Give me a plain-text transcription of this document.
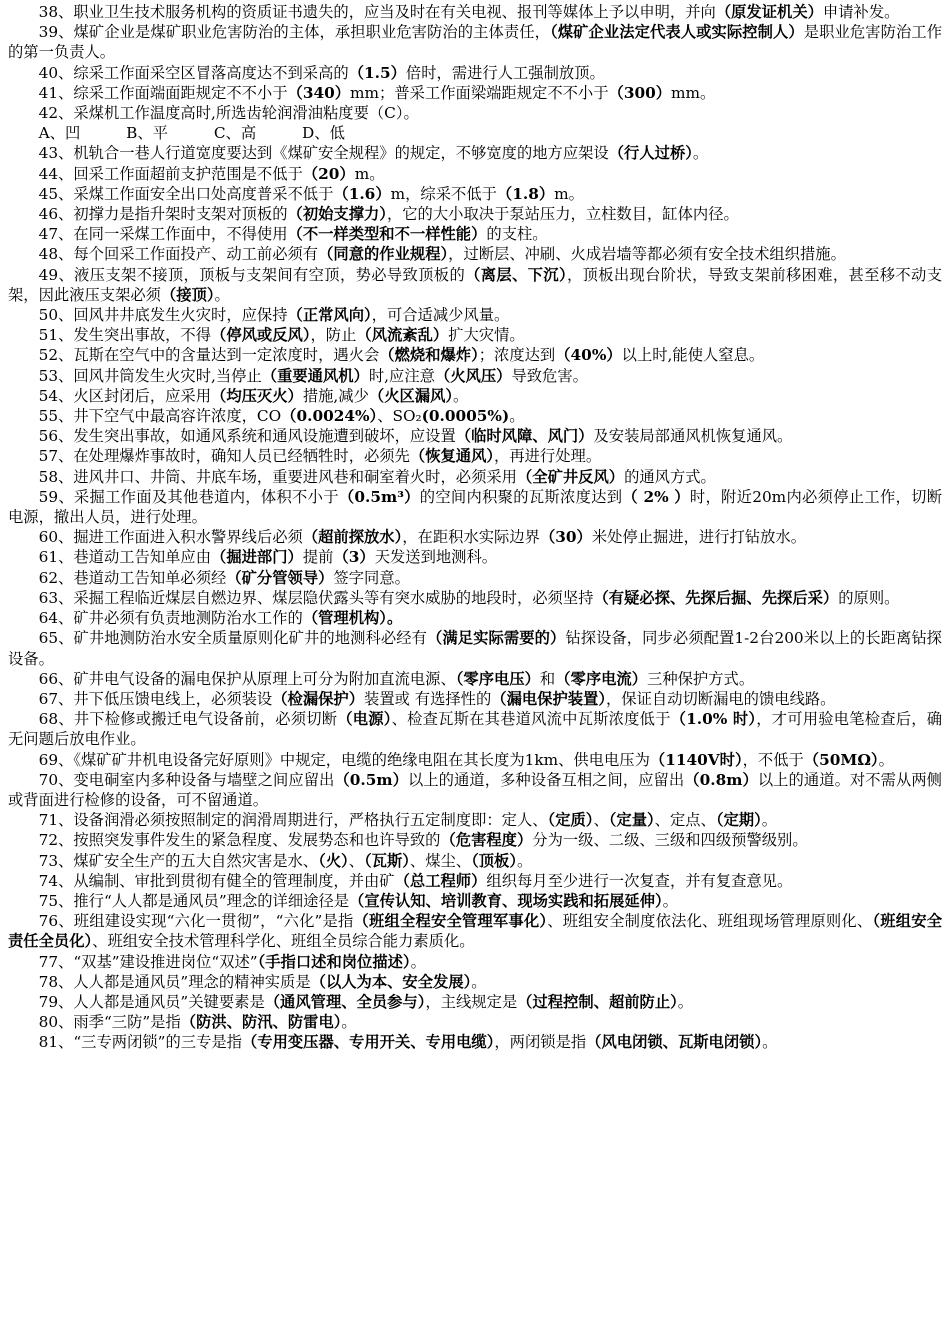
38、职业卫生技术服务机构的资质证书遗失的，应当及时在有关电视、报刊等媒体上予以申明，并向（原发证机关）申请补发。

39、煤矿企业是煤矿职业危害防治的主体，承担职业危害防治的主体责任，（煤矿企业法定代表人或实际控制人）是职业危害防治工作的第一负责人。

40、综采工作面采空区冒落高度达不到采高的（1.5）倍时，需进行人工强制放顶。

41、综采工作面端面距规定不不小于（340）mm；普采工作面梁端距规定不不小于（300）mm。

42、采煤机工作温度高时,所选齿轮润滑油粘度要（C）。

A、凹　　　B、平　　　C、高　　　D、低

43、机轨合一巷人行道宽度要达到《煤矿安全规程》的规定，不够宽度的地方应架设（行人过桥）。

44、回采工作面超前支护范围是不低于（20）m。

45、采煤工作面安全出口处高度普采不低于（1.6）m，综采不低于（1.8）m。

46、初撑力是指升架时支架对顶板的（初始支撑力），它的大小取决于泵站压力，立柱数目，缸体内径。

47、在同一采煤工作面中，不得使用（不一样类型和不一样性能）的支柱。

48、每个回采工作面投产、动工前必须有（同意的作业规程），过断层、冲刷、火成岩墙等都必须有安全技术组织措施。

49、液压支架不接顶，顶板与支架间有空顶，势必导致顶板的（离层、下沉），顶板出现台阶状，导致支架前移困难，甚至移不动支架，因此液压支架必须（接顶）。

50、回风井井底发生火灾时，应保持（正常风向），可合适减少风量。

51、发生突出事故，不得（停风或反风），防止（风流紊乱）扩大灾情。

52、瓦斯在空气中的含量达到一定浓度时，遇火会（燃烧和爆炸）；浓度达到（40%）以上时,能使人窒息。

53、回风井筒发生火灾时,当停止（重要通风机）时,应注意（火风压）导致危害。

54、火区封闭后，应采用（均压灭火）措施,减少（火区漏风）。

55、井下空气中最高容许浓度，CO（0.0024%）、SO₂(0.0005%)。

56、发生突出事故，如通风系统和通风设施遭到破坏，应设置（临时风障、风门）及安装局部通风机恢复通风。

57、在处理爆炸事故时，确知人员已经牺牲时，必须先（恢复通风），再进行处理。

58、进风井口、井筒、井底车场，重要进风巷和硐室着火时，必须采用（全矿井反风）的通风方式。

59、采掘工作面及其他巷道内，体积不小于（0.5m³）的空间内积聚的瓦斯浓度达到（ 2% ）时，附近20m内必须停止工作，切断电源，撤出人员，进行处理。

60、掘进工作面进入积水警界线后必须（超前探放水），在距积水实际边界（30）米处停止掘进，进行打钻放水。

61、巷道动工告知单应由（掘进部门）提前（3）天发送到地测科。

62、巷道动工告知单必须经（矿分管领导）签字同意。

63、采掘工程临近煤层自燃边界、煤层隐伏露头等有突水威胁的地段时，必须坚持（有疑必探、先探后掘、先探后采）的原则。

64、矿井必须有负责地测防治水工作的（管理机构）。

65、矿井地测防治水安全质量原则化矿井的地测科必经有（满足实际需要的）钻探设备，同步必须配置1-2台200米以上的长距离钻探设备。

66、矿井电气设备的漏电保护从原理上可分为附加直流电源、（零序电压）和（零序电流）三种保护方式。

67、井下低压馈电线上，必须装设（检漏保护）装置或 有选择性的（漏电保护装置），保证自动切断漏电的馈电线路。

68、井下检修或搬迁电气设备前，必须切断（电源）、检查瓦斯在其巷道风流中瓦斯浓度低于（1.0% 时），才可用验电笔检查后，确无问题后放电作业。

69、《煤矿矿井机电设备完好原则》中规定，电缆的绝缘电阻在其长度为1km、供电电压为（1140V时），不低于（50MΩ）。

70、变电硐室内多种设备与墙壁之间应留出（0.5m）以上的通道，多种设备互相之间，应留出（0.8m）以上的通道。对不需从两侧或背面进行检修的设备，可不留通道。

71、设备润滑必须按照制定的润滑周期进行，严格执行五定制度即：定人、（定质）、（定量）、定点、（定期）。

72、按照突发事件发生的紧急程度、发展势态和也许导致的（危害程度）分为一级、二级、三级和四级预警级别。

73、煤矿安全生产的五大自然灾害是水、（火）、（瓦斯）、煤尘、（顶板）。

74、从编制、审批到贯彻有健全的管理制度，并由矿（总工程师）组织每月至少进行一次复查，并有复查意见。

75、推行“人人都是通风员”理念的详细途径是（宣传认知、培训教育、现场实践和拓展延伸）。

76、班组建设实现“六化一贯彻”，“六化”是指（班组全程安全管理军事化）、班组安全制度依法化、班组现场管理原则化、（班组安全责任全员化）、班组安全技术管理科学化、班组全员综合能力素质化。

77、“双基”建设推进岗位“双述”（手指口述和岗位描述）。

78、人人都是通风员”理念的精神实质是（以人为本、安全发展）。

79、人人都是通风员”关键要素是（通风管理、全员参与），主线规定是（过程控制、超前防止）。

80、雨季“三防”是指（防洪、防汛、防雷电）。

81、“三专两闭锁”的三专是指（专用变压器、专用开关、专用电缆），两闭锁是指（风电闭锁、瓦斯电闭锁）。
